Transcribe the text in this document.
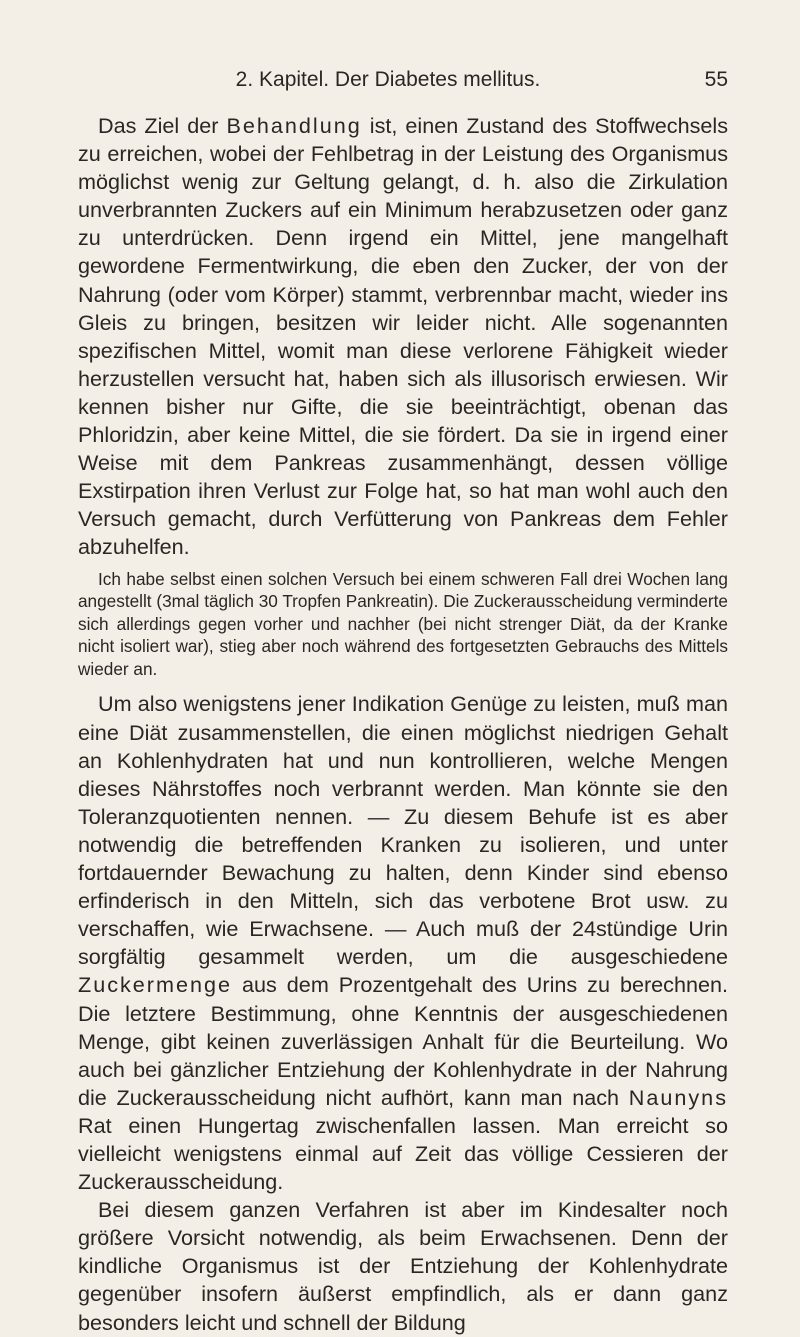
2. Kapitel. Der Diabetes mellitus.	55

Das Ziel der Behandlung ist, einen Zustand des Stoffwechsels zu erreichen, wobei der Fehlbetrag in der Leistung des Organismus möglichst wenig zur Geltung gelangt, d. h. also die Zirkulation unverbrannten Zuckers auf ein Minimum herabzusetzen oder ganz zu unterdrücken. Denn irgend ein Mittel, jene mangelhaft gewordene Fermentwirkung, die eben den Zucker, der von der Nahrung (oder vom Körper) stammt, verbrennbar macht, wieder ins Gleis zu bringen, besitzen wir leider nicht. Alle sogenannten spezifischen Mittel, womit man diese verlorene Fähigkeit wieder herzustellen versucht hat, haben sich als illusorisch erwiesen. Wir kennen bisher nur Gifte, die sie beeinträchtigt, obenan das Phloridzin, aber keine Mittel, die sie fördert. Da sie in irgend einer Weise mit dem Pankreas zusammenhängt, dessen völlige Exstirpation ihren Verlust zur Folge hat, so hat man wohl auch den Versuch gemacht, durch Verfütterung von Pankreas dem Fehler abzuhelfen.

Ich habe selbst einen solchen Versuch bei einem schweren Fall drei Wochen lang angestellt (3mal täglich 30 Tropfen Pankreatin). Die Zuckerausscheidung verminderte sich allerdings gegen vorher und nachher (bei nicht strenger Diät, da der Kranke nicht isoliert war), stieg aber noch während des fortgesetzten Gebrauchs des Mittels wieder an.

Um also wenigstens jener Indikation Genüge zu leisten, muß man eine Diät zusammenstellen, die einen möglichst niedrigen Gehalt an Kohlenhydraten hat und nun kontrollieren, welche Mengen dieses Nährstoffes noch verbrannt werden. Man könnte sie den Toleranzquotienten nennen. — Zu diesem Behufe ist es aber notwendig die betreffenden Kranken zu isolieren, und unter fortdauernder Bewachung zu halten, denn Kinder sind ebenso erfinderisch in den Mitteln, sich das verbotene Brot usw. zu verschaffen, wie Erwachsene. — Auch muß der 24stündige Urin sorgfältig gesammelt werden, um die ausgeschiedene Zuckermenge aus dem Prozentgehalt des Urins zu berechnen. Die letztere Bestimmung, ohne Kenntnis der ausgeschiedenen Menge, gibt keinen zuverlässigen Anhalt für die Beurteilung. Wo auch bei gänzlicher Entziehung der Kohlenhydrate in der Nahrung die Zuckerausscheidung nicht aufhört, kann man nach Naunyns Rat einen Hungertag zwischenfallen lassen. Man erreicht so vielleicht wenigstens einmal auf Zeit das völlige Cessieren der Zuckerausscheidung.

Bei diesem ganzen Verfahren ist aber im Kindesalter noch größere Vorsicht notwendig, als beim Erwachsenen. Denn der kindliche Organismus ist der Entziehung der Kohlenhydrate gegenüber insofern äußerst empfindlich, als er dann ganz besonders leicht und schnell der Bildung
